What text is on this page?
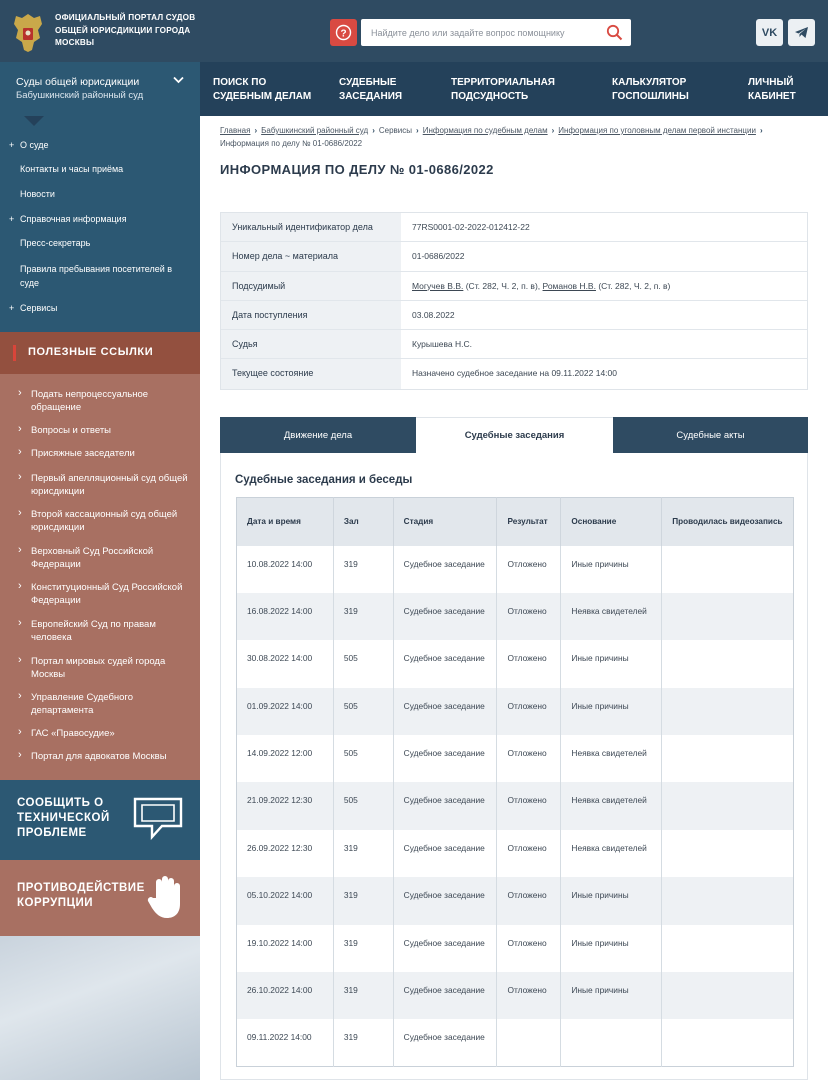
ОФИЦИАЛЬНЫЙ ПОРТАЛ СУДОВ ОБЩЕЙ ЮРИСДИКЦИИ ГОРОДА МОСКВЫ
?
Найдите дело или задайте вопрос помощнику	VK
Суды общей юрисдикции
Бабушкинский районный суд
ПОИСК ПО СУДЕБНЫМ ДЕЛАМ
СУДЕБНЫЕ ЗАСЕДАНИЯ
ТЕРРИТОРИАЛЬНАЯ ПОДСУДНОСТЬ
КАЛЬКУЛЯТОР ГОСПОШЛИНЫ
ЛИЧНЫЙ КАБИНЕТ
+ О суде
Контакты и часы приёма
Новости
+ Справочная информация
Пресс-секретарь
Правила пребывания посетителей в суде
+ Сервисы
ПОЛЕЗНЫЕ ССЫЛКИ
› Подать непроцессуальное обращение
› Вопросы и ответы
› Присяжные заседатели
› Первый апелляционный суд общей юрисдикции
› Второй кассационный суд общей юрисдикции
› Верховный Суд Российской Федерации
› Конституционный Суд Российской Федерации
› Европейский Суд по правам человека
› Портал мировых судей города Москвы
› Управление Судебного департамента
› ГАС «Правосудие»
› Портал для адвокатов Москвы
СООБЩИТЬ О ТЕХНИЧЕСКОЙ ПРОБЛЕМЕ
ПРОТИВОДЕЙСТВИЕ КОРРУПЦИИ
Главная › Бабушкинский районный суд › Сервисы › Информация по судебным делам › Информация по уголовным делам первой инстанции ›
Информация по делу № 01-0686/2022
ИНФОРМАЦИЯ ПО ДЕЛУ № 01-0686/2022
Уникальный идентификатор дела	77RS0001-02-2022-012412-22
Номер дела ~ материала	01-0686/2022
Подсудимый	Могучев В.В. (Ст. 282, Ч. 2, п. в), Романов Н.В. (Ст. 282, Ч. 2, п. в)
Дата поступления	03.08.2022
Судья	Курышева Н.С.
Текущее состояние	Назначено судебное заседание на 09.11.2022 14:00
Движение дела	Судебные заседания	Судебные акты
Судебные заседания и беседы
Дата и время	Зал	Стадия	Результат	Основание	Проводилась видеозапись
10.08.2022 14:00	319	Судебное заседание	Отложено	Иные причины	
16.08.2022 14:00	319	Судебное заседание	Отложено	Неявка свидетелей	
30.08.2022 14:00	505	Судебное заседание	Отложено	Иные причины	
01.09.2022 14:00	505	Судебное заседание	Отложено	Иные причины	
14.09.2022 12:00	505	Судебное заседание	Отложено	Неявка свидетелей	
21.09.2022 12:30	505	Судебное заседание	Отложено	Неявка свидетелей	
26.09.2022 12:30	319	Судебное заседание	Отложено	Неявка свидетелей	
05.10.2022 14:00	319	Судебное заседание	Отложено	Иные причины	
19.10.2022 14:00	319	Судебное заседание	Отложено	Иные причины	
26.10.2022 14:00	319	Судебное заседание	Отложено	Иные причины	
09.11.2022 14:00	319	Судебное заседание			
